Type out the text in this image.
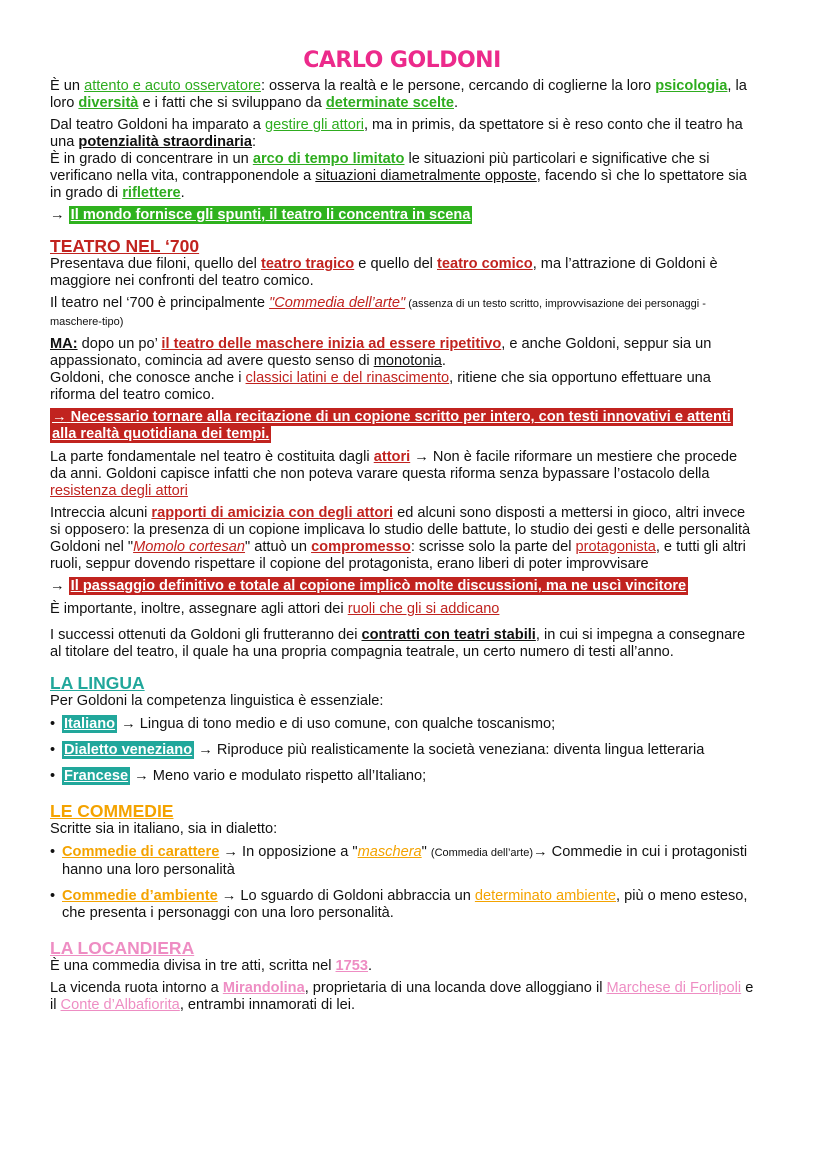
CARLO GOLDONI

È un attento e acuto osservatore: osserva la realtà e le persone, cercando di coglierne la loro psicologia, la loro diversità e i fatti che si sviluppano da determinate scelte.

Dal teatro Goldoni ha imparato a gestire gli attori, ma in primis, da spettatore si è reso conto che il teatro ha una potenzialità straordinaria:

È in grado di concentrare in un arco di tempo limitato le situazioni più particolari e significative che si verificano nella vita, contrapponendole a situazioni diametralmente opposte, facendo sì che lo spettatore sia in grado di riflettere.

→ Il mondo fornisce gli spunti, il teatro li concentra in scena

TEATRO NEL ‘700

Presentava due filoni, quello del teatro tragico e quello del teatro comico, ma l’attrazione di Goldoni è maggiore nei confronti del teatro comico.

Il teatro nel ‘700 è principalmente "Commedia dell’arte" (assenza di un testo scritto, improvvisazione dei personaggi - maschere-tipo)

MA: dopo un po’ il teatro delle maschere inizia ad essere ripetitivo, e anche Goldoni, seppur sia un appassionato, comincia ad avere questo senso di monotonia.

Goldoni, che conosce anche i classici latini e del rinascimento, ritiene che sia opportuno effettuare una riforma del teatro comico.

→ Necessario tornare alla recitazione di un copione scritto per intero, con testi innovativi e attenti alla realtà quotidiana dei tempi.

La parte fondamentale nel teatro è costituita dagli attori → Non è facile riformare un mestiere che procede da anni. Goldoni capisce infatti che non poteva varare questa riforma senza bypassare l’ostacolo della resistenza degli attori

Intreccia alcuni rapporti di amicizia con degli attori ed alcuni sono disposti a mettersi in gioco, altri invece si opposero: la presenza di un copione implicava lo studio delle battute, lo studio dei gesti e delle personalità

Goldoni nel "Momolo cortesan" attuò un compromesso: scrisse solo la parte del protagonista, e tutti gli altri ruoli, seppur dovendo rispettare il copione del protagonista, erano liberi di poter improvvisare

→ Il passaggio definitivo e totale al copione implicò molte discussioni, ma ne uscì vincitore

È importante, inoltre, assegnare agli attori dei ruoli che gli si addicano

I successi ottenuti da Goldoni gli frutteranno dei contratti con teatri stabili, in cui si impegna a consegnare al titolare del teatro, il quale ha una propria compagnia teatrale, un certo numero di testi all’anno.

LA LINGUA

Per Goldoni la competenza linguistica è essenziale:

• Italiano → Lingua di tono medio e di uso comune, con qualche toscanismo;
• Dialetto veneziano → Riproduce più realisticamente la società veneziana: diventa lingua letteraria
• Francese → Meno vario e modulato rispetto all’Italiano;
LE COMMEDIE

Scritte sia in italiano, sia in dialetto:

• Commedie di carattere → In opposizione a "maschera" (Commedia dell’arte)→ Commedie in cui i protagonisti hanno una loro personalità
• Commedie d’ambiente → Lo sguardo di Goldoni abbraccia un determinato ambiente, più o meno esteso, che presenta i personaggi con una loro personalità.
LA LOCANDIERA

È una commedia divisa in tre atti, scritta nel 1753.

La vicenda ruota intorno a Mirandolina, proprietaria di una locanda dove alloggiano il Marchese di Forlipoli e il Conte d’Albafiorita, entrambi innamorati di lei.
